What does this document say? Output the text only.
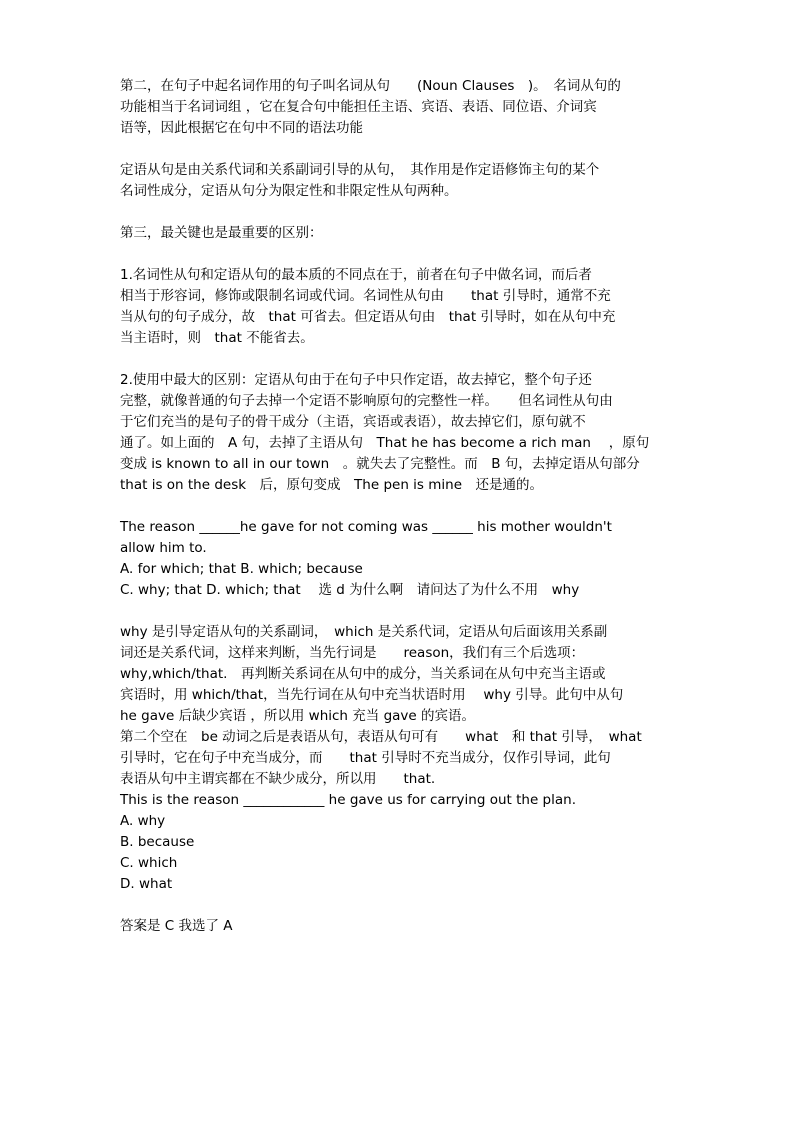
第二，在句子中起名词作用的句子叫名词从句　　(Noun Clauses　)。　名词从句的
功能相当于名词词组 ，它在复合句中能担任主语、宾语、表语、同位语、介词宾
语等，因此根据它在句中不同的语法功能
定语从句是由关系代词和关系副词引导的从句，　其作用是作定语修饰主句的某个
名词性成分，定语从句分为限定性和非限定性从句两种。
第三，最关键也是最重要的区别：
1.名词性从句和定语从句的最本质的不同点在于，前者在句子中做名词，而后者
相当于形容词，修饰或限制名词或代词。名词性从句由　　that 引导时，通常不充
当从句的句子成分，故　that 可省去。但定语从句由　that 引导时，如在从句中充
当主语时，则　that 不能省去。
2.使用中最大的区别：定语从句由于在句子中只作定语，故去掉它，整个句子还
完整，就像普通的句子去掉一个定语不影响原句的完整性一样。　　但名词性从句由
于它们充当的是句子的骨干成分（主语，宾语或表语），故去掉它们，原句就不
通了。如上面的　A 句，去掉了主语从句　That he has become a rich man　 ，原句
变成 is known to all in our town　。就失去了完整性。而　B 句，去掉定语从句部分
that is on the desk　后，原句变成　The pen is mine　还是通的。
The reason ______he gave for not coming was ______ his mother wouldn't
allow him to.
A. for which; that B. which; because
C. why; that D. which; that　 选 d 为什么啊　请问达了为什么不用　why
why 是引导定语从句的关系副词，　which 是关系代词，定语从句后面该用关系副
词还是关系代词，这样来判断，当先行词是　　reason，我们有三个后选项：
why,which/that.　再判断关系词在从句中的成分，当关系词在从句中充当主语或
宾语时，用 which/that，当先行词在从句中充当状语时用　 why 引导。此句中从句
he gave 后缺少宾语 ，所以用 which 充当 gave 的宾语。
第二个空在　be 动词之后是表语从句，表语从句可有　　what　和 that 引导，　what
引导时，它在句子中充当成分，而　　that 引导时不充当成分，仅作引导词，此句
表语从句中主谓宾都在不缺少成分，所以用　　that.
This is the reason ____________ he gave us for carrying out the plan.
A. why
B. because
C. which
D. what
答案是 C 我选了 A
